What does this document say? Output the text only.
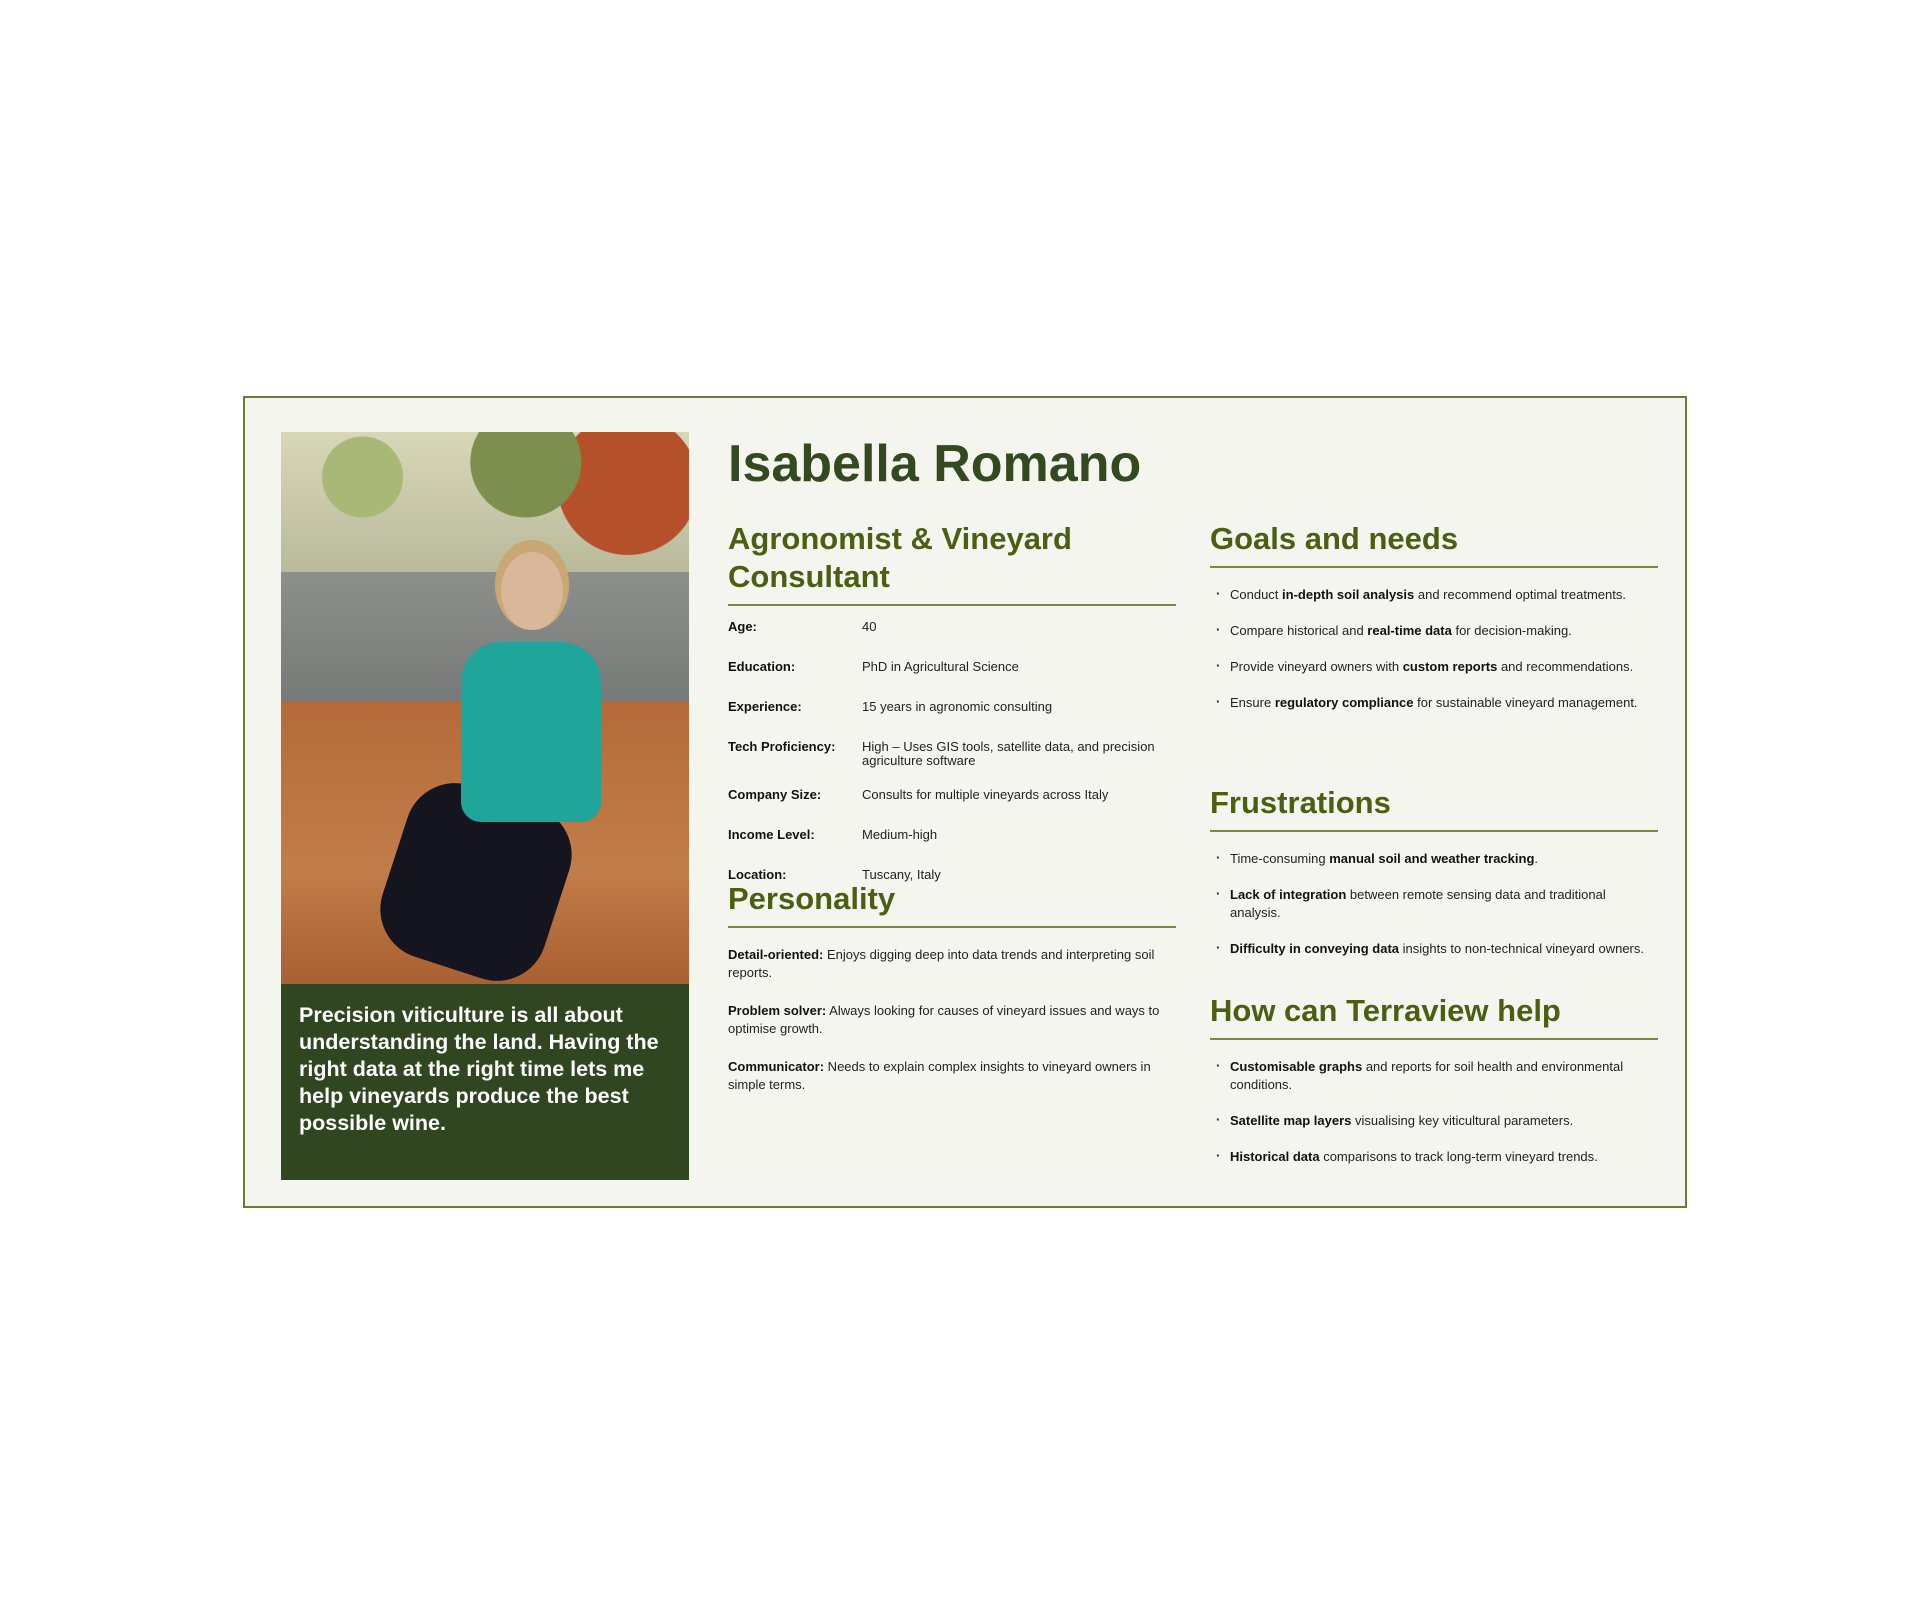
Precision viticulture is all about understanding the land. Having the right data at the right time lets me help vineyards produce the best possible wine.

Isabella Romano
Agronomist & Vineyard Consultant
Age:	40
Education:	PhD in Agricultural Science
Experience:	15 years in agronomic consulting
Tech Proficiency:	High – Uses GIS tools, satellite data, and precision agriculture software
Company Size:	Consults for multiple vineyards across Italy
Income Level:	Medium-high
Location:	Tuscany, Italy
Personality
Detail-oriented: Enjoys digging deep into data trends and interpreting soil reports.
Problem solver: Always looking for causes of vineyard issues and ways to optimise growth.
Communicator: Needs to explain complex insights to vineyard owners in simple terms.
Goals and needs
· Conduct in-depth soil analysis and recommend optimal treatments.
· Compare historical and real-time data for decision-making.
· Provide vineyard owners with custom reports and recommendations.
· Ensure regulatory compliance for sustainable vineyard management.
Frustrations
· Time-consuming manual soil and weather tracking.
· Lack of integration between remote sensing data and traditional analysis.
· Difficulty in conveying data insights to non-technical vineyard owners.
How can Terraview help
· Customisable graphs and reports for soil health and environmental conditions.
· Satellite map layers visualising key viticultural parameters.
· Historical data comparisons to track long-term vineyard trends.
